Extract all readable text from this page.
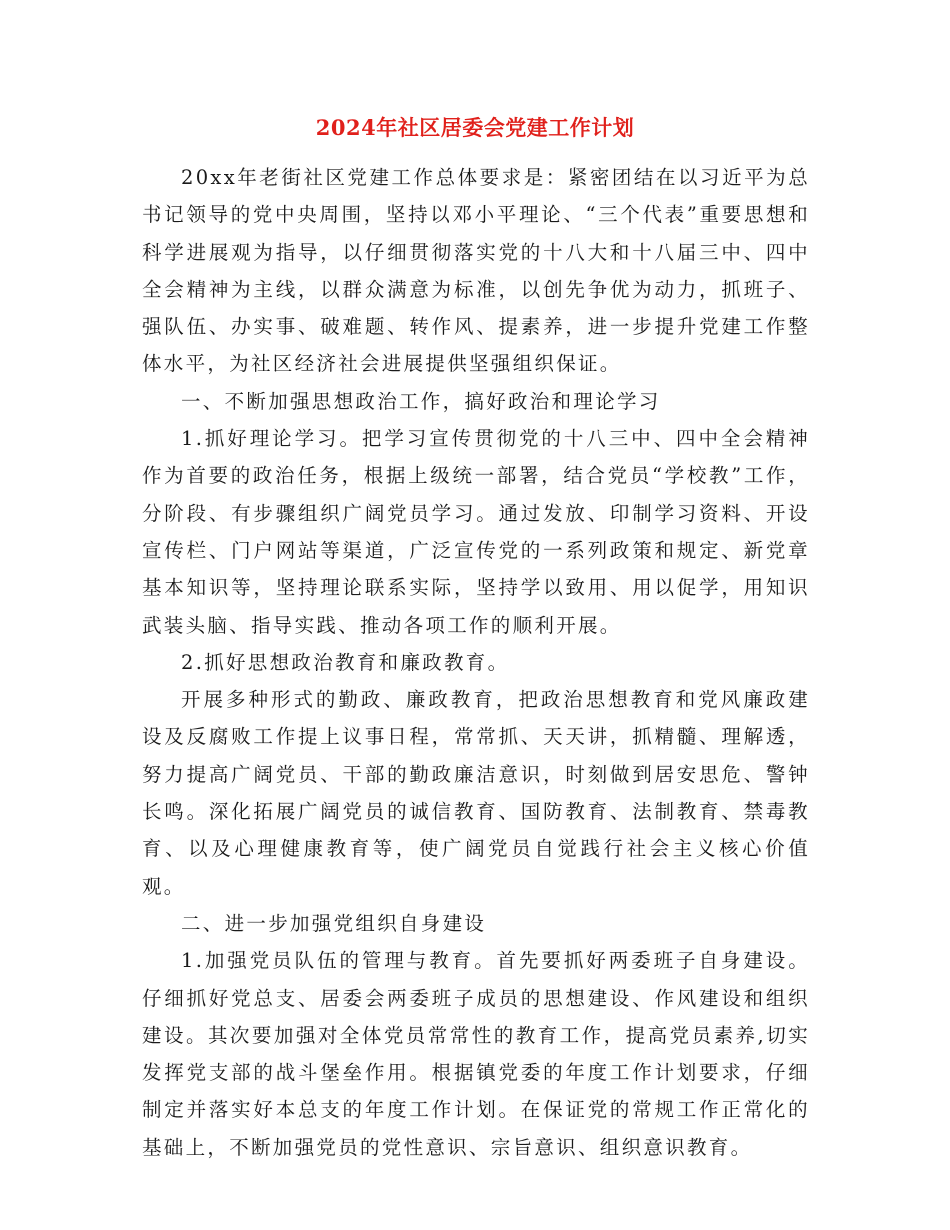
2024年社区居委会党建工作计划

20xx年老街社区党建工作总体要求是：紧密团结在以习近平为总书记领导的党中央周围，坚持以邓小平理论、“三个代表”重要思想和科学进展观为指导，以仔细贯彻落实党的十八大和十八届三中、四中全会精神为主线，以群众满意为标准，以创先争优为动力，抓班子、强队伍、办实事、破难题、转作风、提素养，进一步提升党建工作整体水平，为社区经济社会进展提供坚强组织保证。

一、不断加强思想政治工作，搞好政治和理论学习

1.抓好理论学习。把学习宣传贯彻党的十八三中、四中全会精神作为首要的政治任务，根据上级统一部署，结合党员“学校教”工作，分阶段、有步骤组织广阔党员学习。通过发放、印制学习资料、开设宣传栏、门户网站等渠道，广泛宣传党的一系列政策和规定、新党章基本知识等，坚持理论联系实际，坚持学以致用、用以促学，用知识武装头脑、指导实践、推动各项工作的顺利开展。

2.抓好思想政治教育和廉政教育。

开展多种形式的勤政、廉政教育，把政治思想教育和党风廉政建设及反腐败工作提上议事日程，常常抓、天天讲，抓精髓、理解透，努力提高广阔党员、干部的勤政廉洁意识，时刻做到居安思危、警钟长鸣。深化拓展广阔党员的诚信教育、国防教育、法制教育、禁毒教育、以及心理健康教育等，使广阔党员自觉践行社会主义核心价值观。

二、进一步加强党组织自身建设

1.加强党员队伍的管理与教育。首先要抓好两委班子自身建设。仔细抓好党总支、居委会两委班子成员的思想建设、作风建设和组织建设。其次要加强对全体党员常常性的教育工作，提高党员素养,切实发挥党支部的战斗堡垒作用。根据镇党委的年度工作计划要求，仔细制定并落实好本总支的年度工作计划。在保证党的常规工作正常化的基础上，不断加强党员的党性意识、宗旨意识、组织意识教育。
